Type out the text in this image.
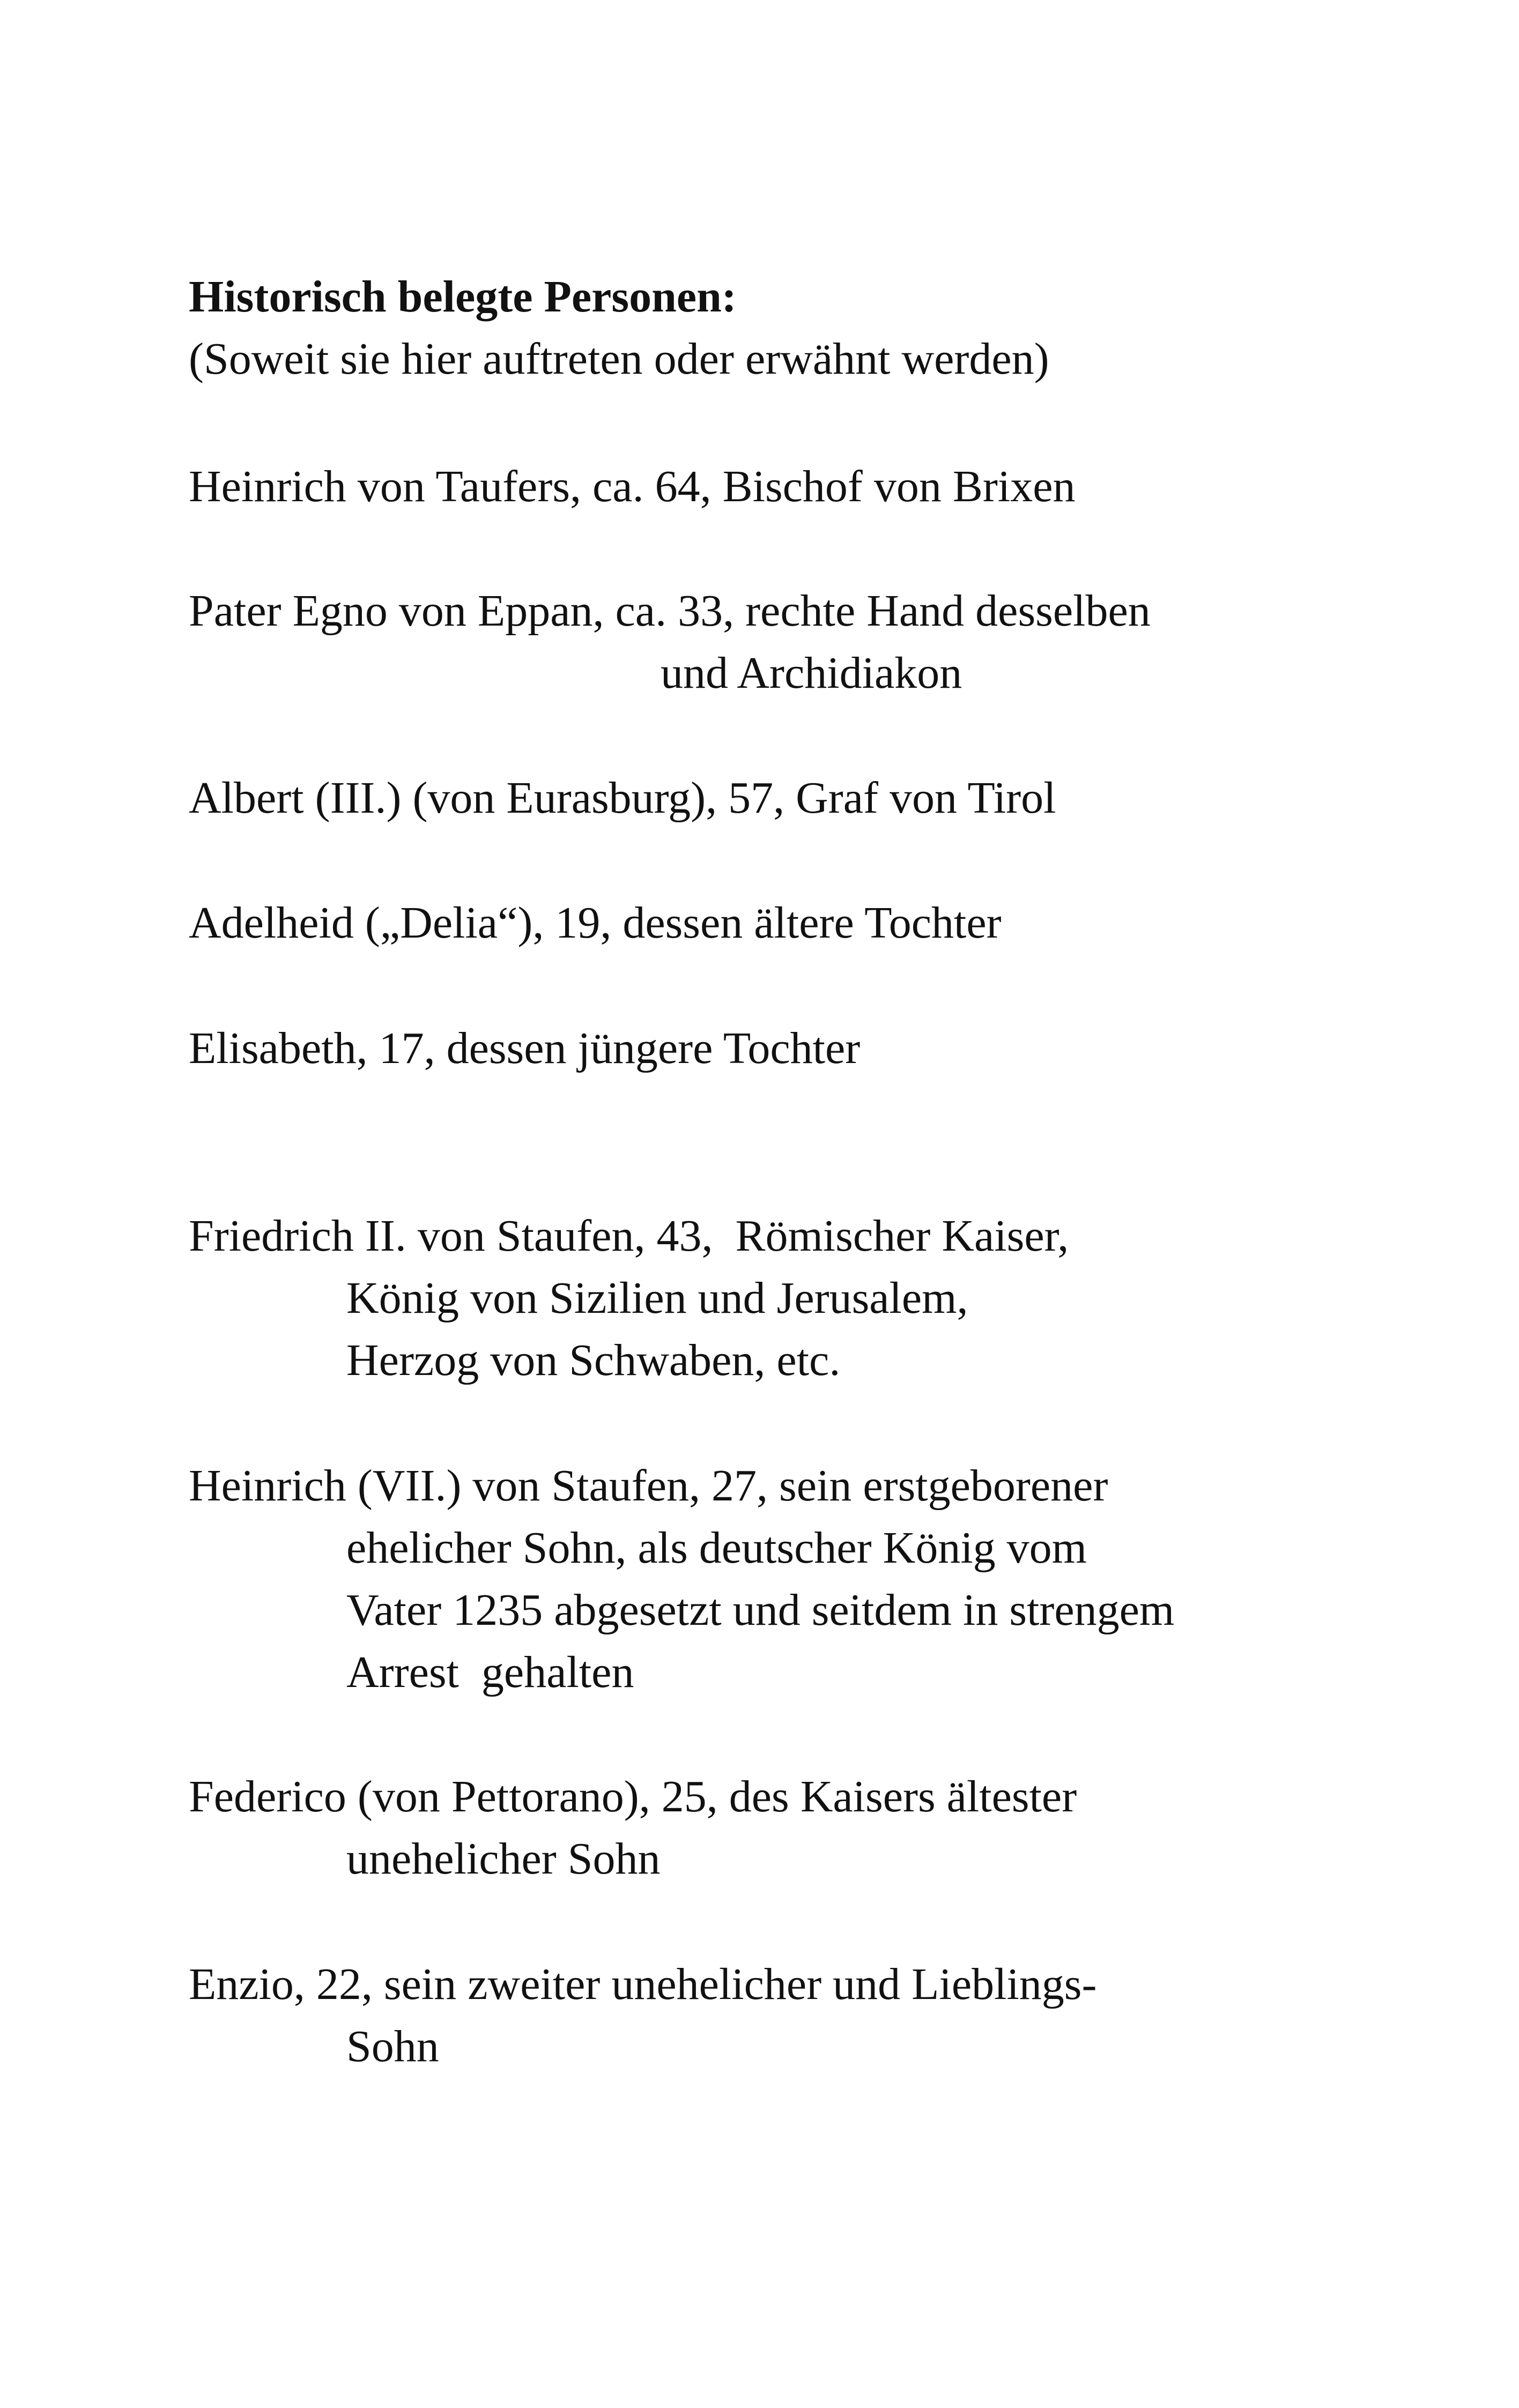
Historisch belegte Personen:
(Soweit sie hier auftreten oder erwähnt werden)
Heinrich von Taufers, ca. 64, Bischof von Brixen
Pater Egno von Eppan, ca. 33, rechte Hand desselben
und Archidiakon
Albert (III.) (von Eurasburg), 57, Graf von Tirol
Adelheid („Delia“), 19, dessen ältere Tochter
Elisabeth, 17, dessen jüngere Tochter
Friedrich II. von Staufen, 43,  Römischer Kaiser,
König von Sizilien und Jerusalem,
Herzog von Schwaben, etc.
Heinrich (VII.) von Staufen, 27, sein erstgeborener
ehelicher Sohn, als deutscher König vom
Vater 1235 abgesetzt und seitdem in strengem
Arrest  gehalten
Federico (von Pettorano), 25, des Kaisers ältester
unehelicher Sohn
Enzio, 22, sein zweiter unehelicher und Lieblings-
Sohn
